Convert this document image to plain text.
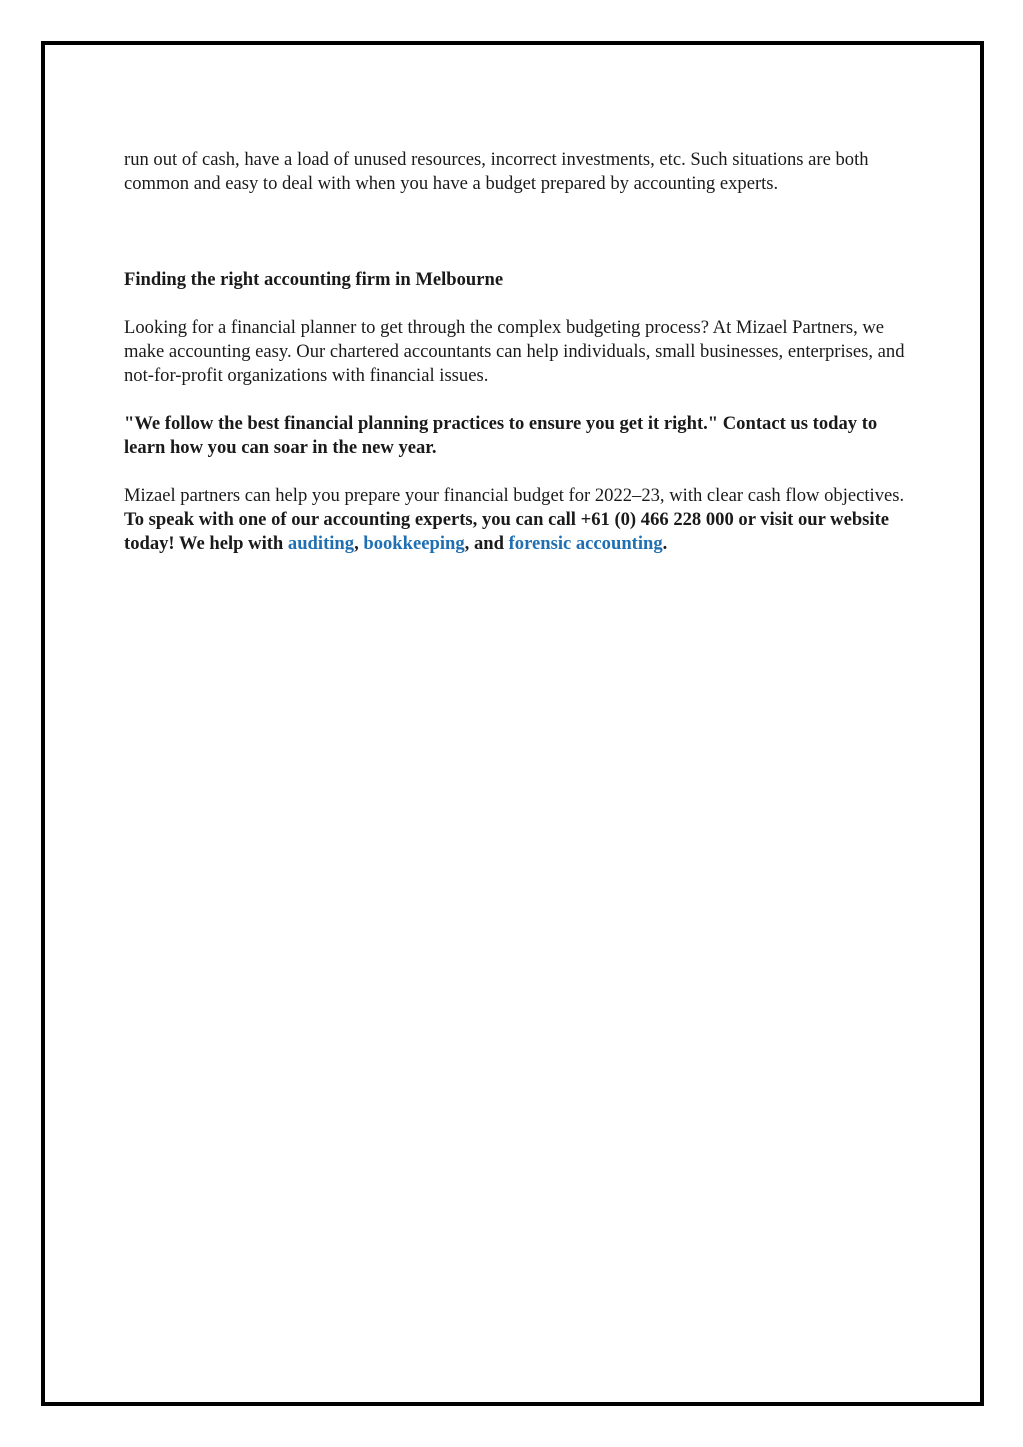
run out of cash, have a load of unused resources, incorrect investments, etc. Such situations are both common and easy to deal with when you have a budget prepared by accounting experts.

Finding the right accounting firm in Melbourne

Looking for a financial planner to get through the complex budgeting process? At Mizael Partners, we make accounting easy. Our chartered accountants can help individuals, small businesses, enterprises, and not-for-profit organizations with financial issues.

"We follow the best financial planning practices to ensure you get it right." Contact us today to learn how you can soar in the new year.

Mizael partners can help you prepare your financial budget for 2022–23, with clear cash flow objectives. To speak with one of our accounting experts, you can call +61 (0) 466 228 000 or visit our website today! We help with auditing, bookkeeping, and forensic accounting.
